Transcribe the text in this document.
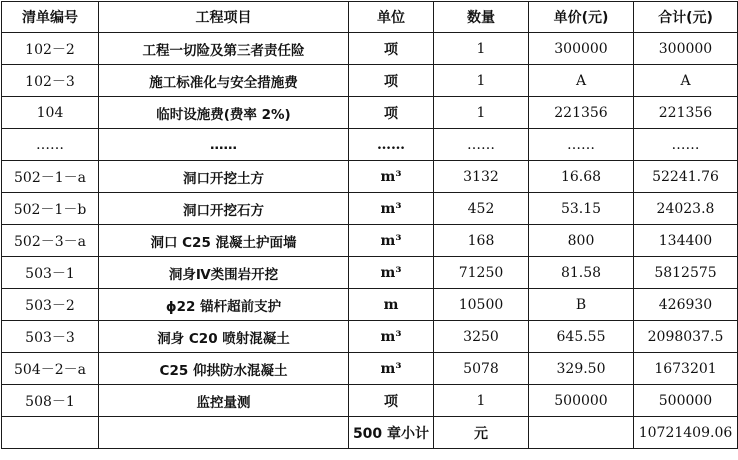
清单编号	工程项目	单位	数量	单价(元)	合计(元)
102－2	工程一切险及第三者责任险	项	1	300000	300000
102－3	施工标准化与安全措施费	项	1	A	A
104	临时设施费(费率 2%)	项	1	221356	221356
……	……	……	……	……	……
502－1－a	洞口开挖土方	m³	3132	16.68	52241.76
502－1－b	洞口开挖石方	m³	452	53.15	24023.8
502－3－a	洞口 C25 混凝土护面墙	m³	168	800	134400
503－1	洞身Ⅳ类围岩开挖	m³	71250	81.58	5812575
503－2	ϕ22 锚杆超前支护	m	10500	B	426930
503－3	洞身 C20 喷射混凝土	m³	3250	645.55	2098037.5
504－2－a	C25 仰拱防水混凝土	m³	5078	329.50	1673201
508－1	监控量测	项	1	500000	500000
		500 章小计	元		10721409.06
